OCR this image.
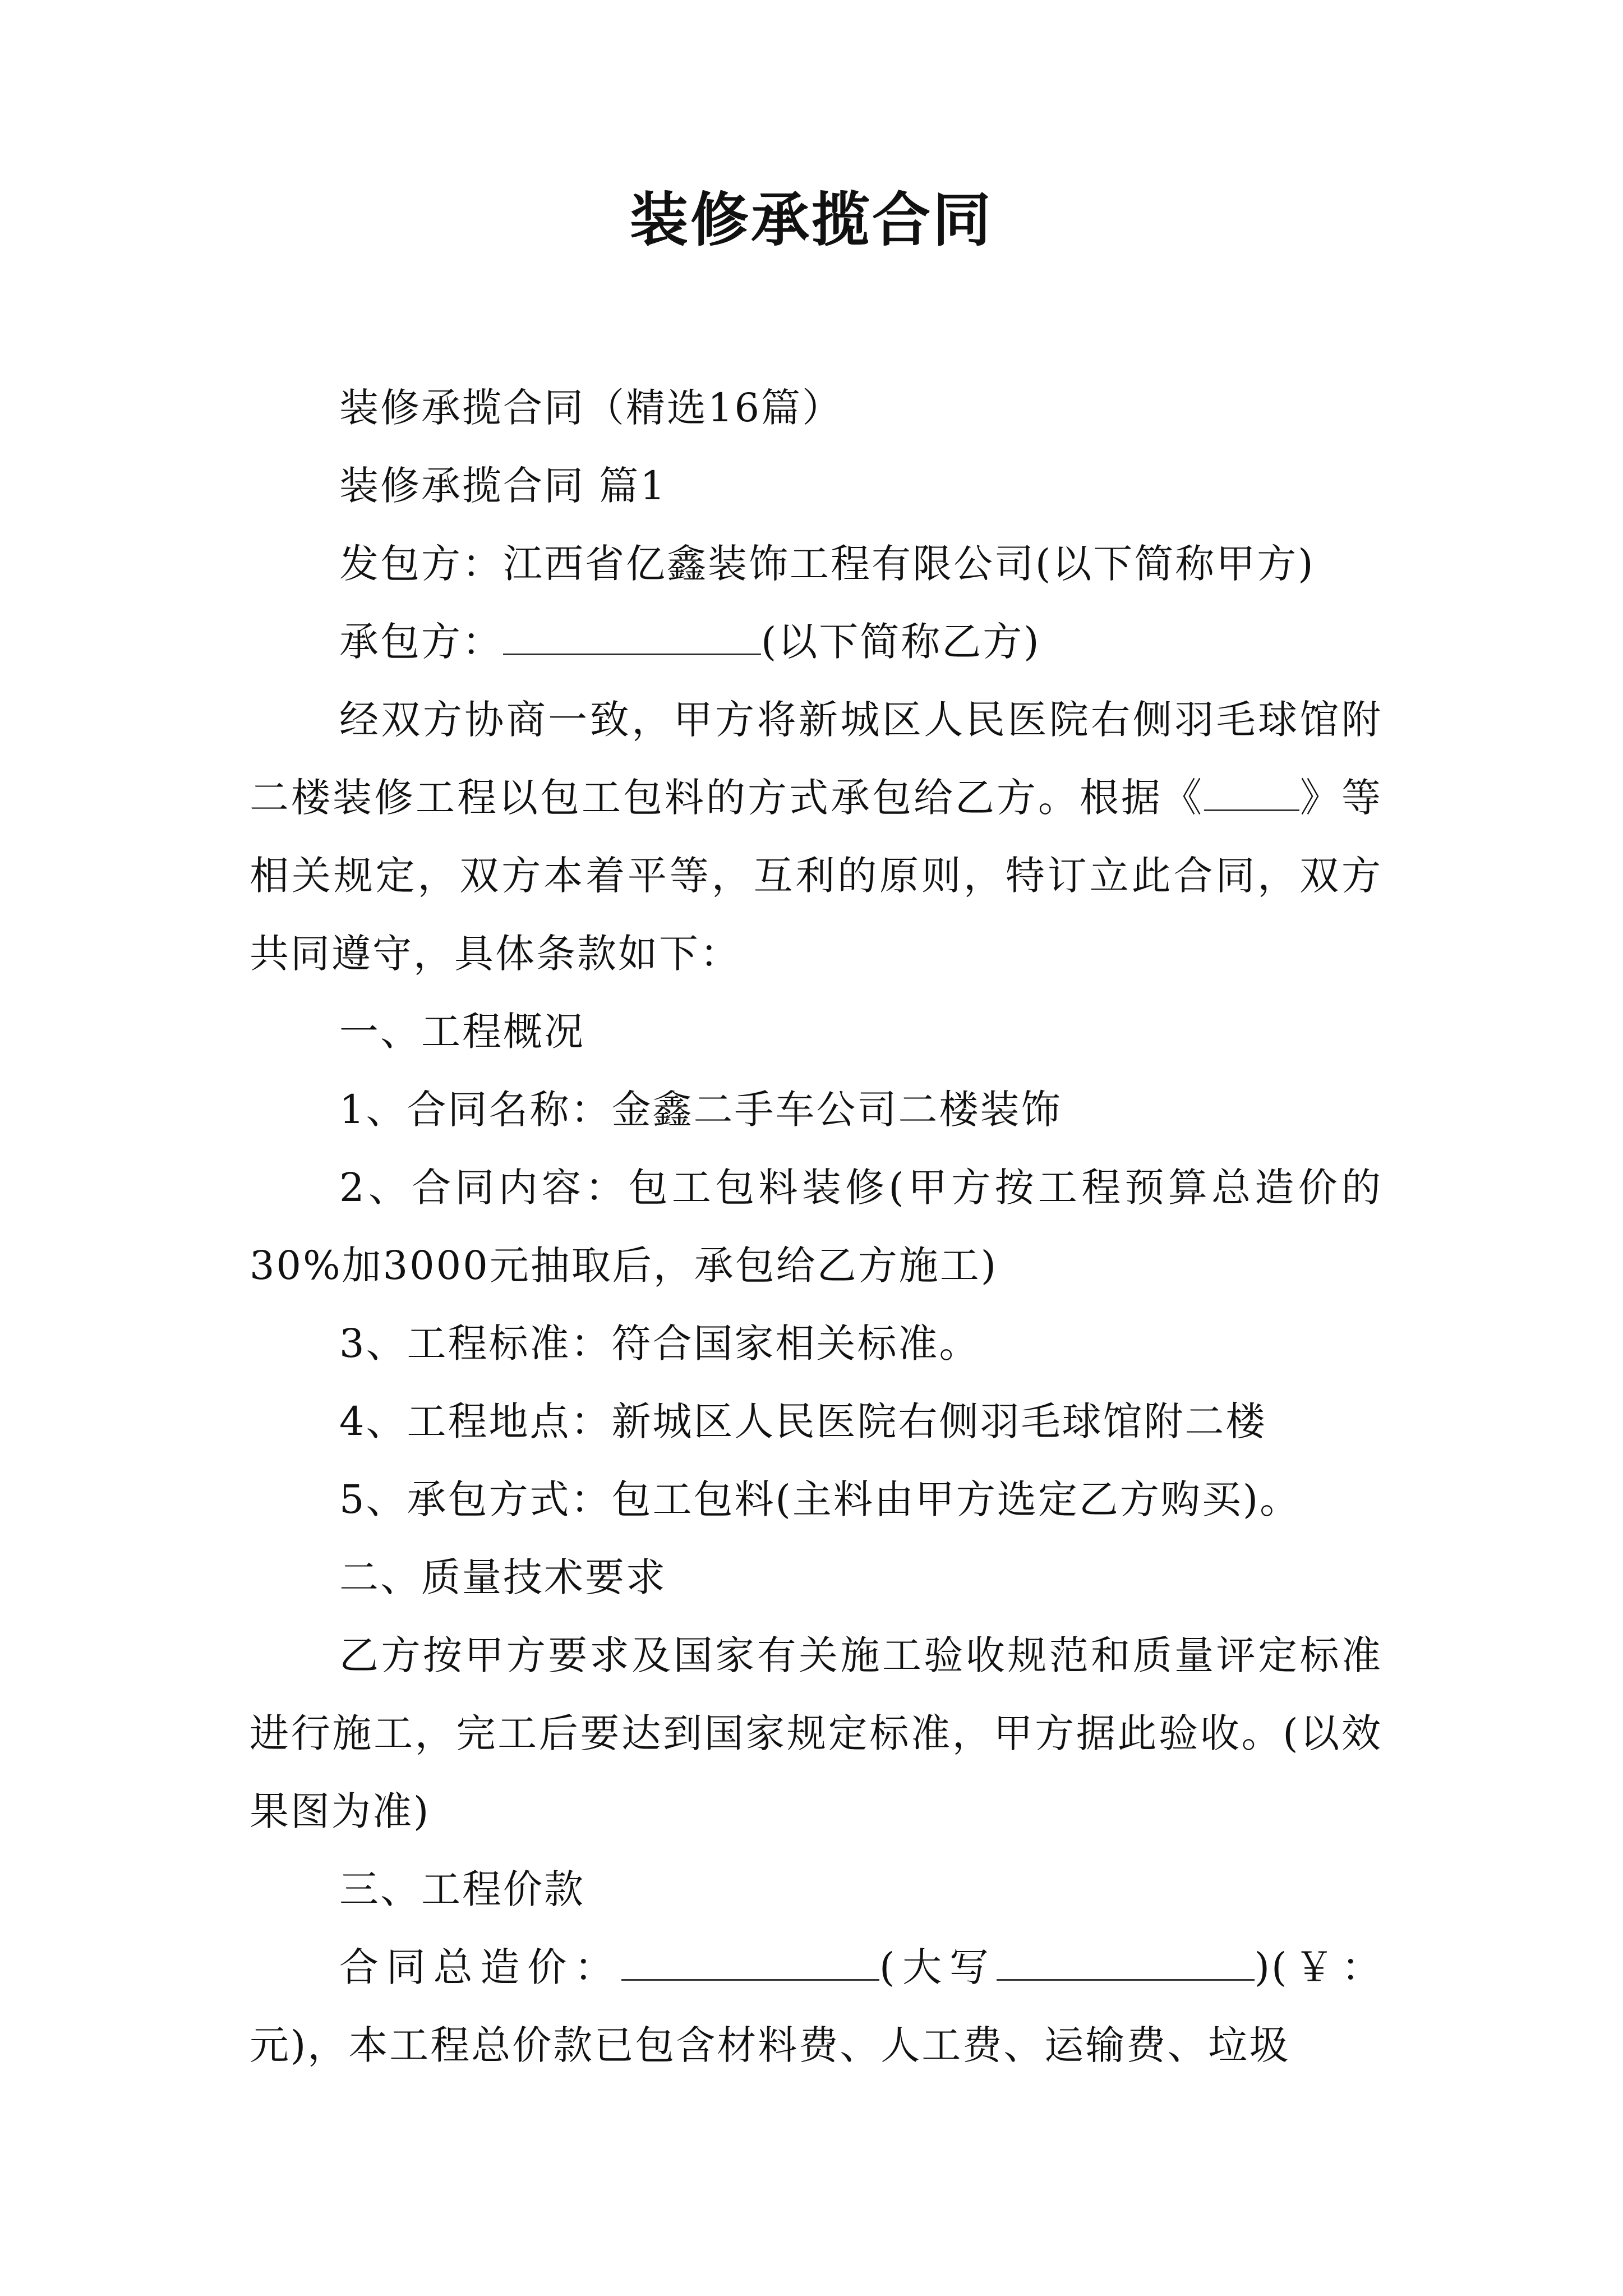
装修承揽合同

装修承揽合同（精选16篇）

装修承揽合同 篇1

发包方：江西省亿鑫装饰工程有限公司(以下简称甲方)

承包方：	(以下简称乙方)

经双方协商一致，甲方将新城区人民医院右侧羽毛球馆附二楼装修工程以包工包料的方式承包给乙方。根据《 》等相关规定，双方本着平等，互利的原则，特订立此合同，双方共同遵守，具体条款如下：

一、工程概况

1、合同名称：金鑫二手车公司二楼装饰

2、合同内容：包工包料装修(甲方按工程预算总造价的30%加3000元抽取后，承包给乙方施工)

3、工程标准：符合国家相关标准。

4、工程地点：新城区人民医院右侧羽毛球馆附二楼

5、承包方式：包工包料(主料由甲方选定乙方购买)。

二、质量技术要求

乙方按甲方要求及国家有关施工验收规范和质量评定标准进行施工，完工后要达到国家规定标准，甲方据此验收。(以效果图为准)

三、工程价款

合同总造价：	(大写	)(￥：元)，本工程总价款已包含材料费、人工费、运输费、垃圾
